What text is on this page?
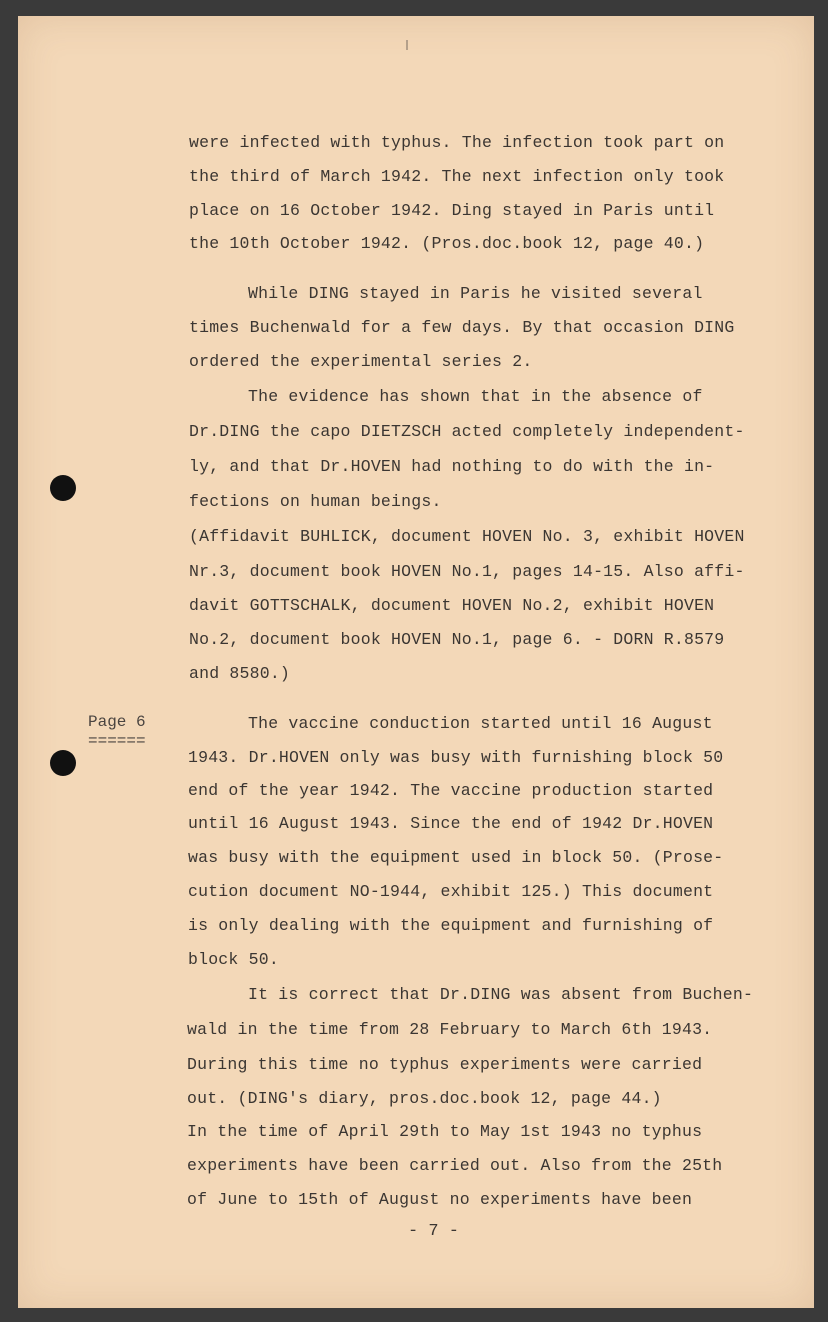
Page 6
======
were infected with typhus. The infection took part on
the third of March 1942. The next infection only took
place on 16 October 1942. Ding stayed in Paris until
the 10th October 1942. (Pros.doc.book 12, page 40.)
While DING stayed in Paris he visited several
times Buchenwald for a few days. By that occasion DING
ordered the experimental series 2.
The evidence has shown that in the absence of
Dr.DING the capo DIETZSCH acted completely independent-
ly, and that Dr.HOVEN had nothing to do with the in-
fections on human beings.
(Affidavit BUHLICK, document HOVEN No. 3, exhibit HOVEN
Nr.3, document book HOVEN No.1, pages 14-15. Also affi-
davit GOTTSCHALK, document HOVEN No.2, exhibit HOVEN
No.2, document book HOVEN No.1, page 6. - DORN R.8579
and 8580.)
The vaccine conduction started until 16 August
1943. Dr.HOVEN only was busy with furnishing block 50
end of the year 1942. The vaccine production started
until 16 August 1943. Since the end of 1942 Dr.HOVEN
was busy with the equipment used in block 50. (Prose-
cution document NO-1944, exhibit 125.) This document
is only dealing with the equipment and furnishing of
block 50.
It is correct that Dr.DING was absent from Buchen-
wald in the time from 28 February to March 6th 1943.
During this time no typhus experiments were carried
out. (DING's diary, pros.doc.book 12, page 44.)
In the time of April 29th to May 1st 1943 no typhus
experiments have been carried out. Also from the 25th
of June to 15th of August no experiments have been
- 7 -
